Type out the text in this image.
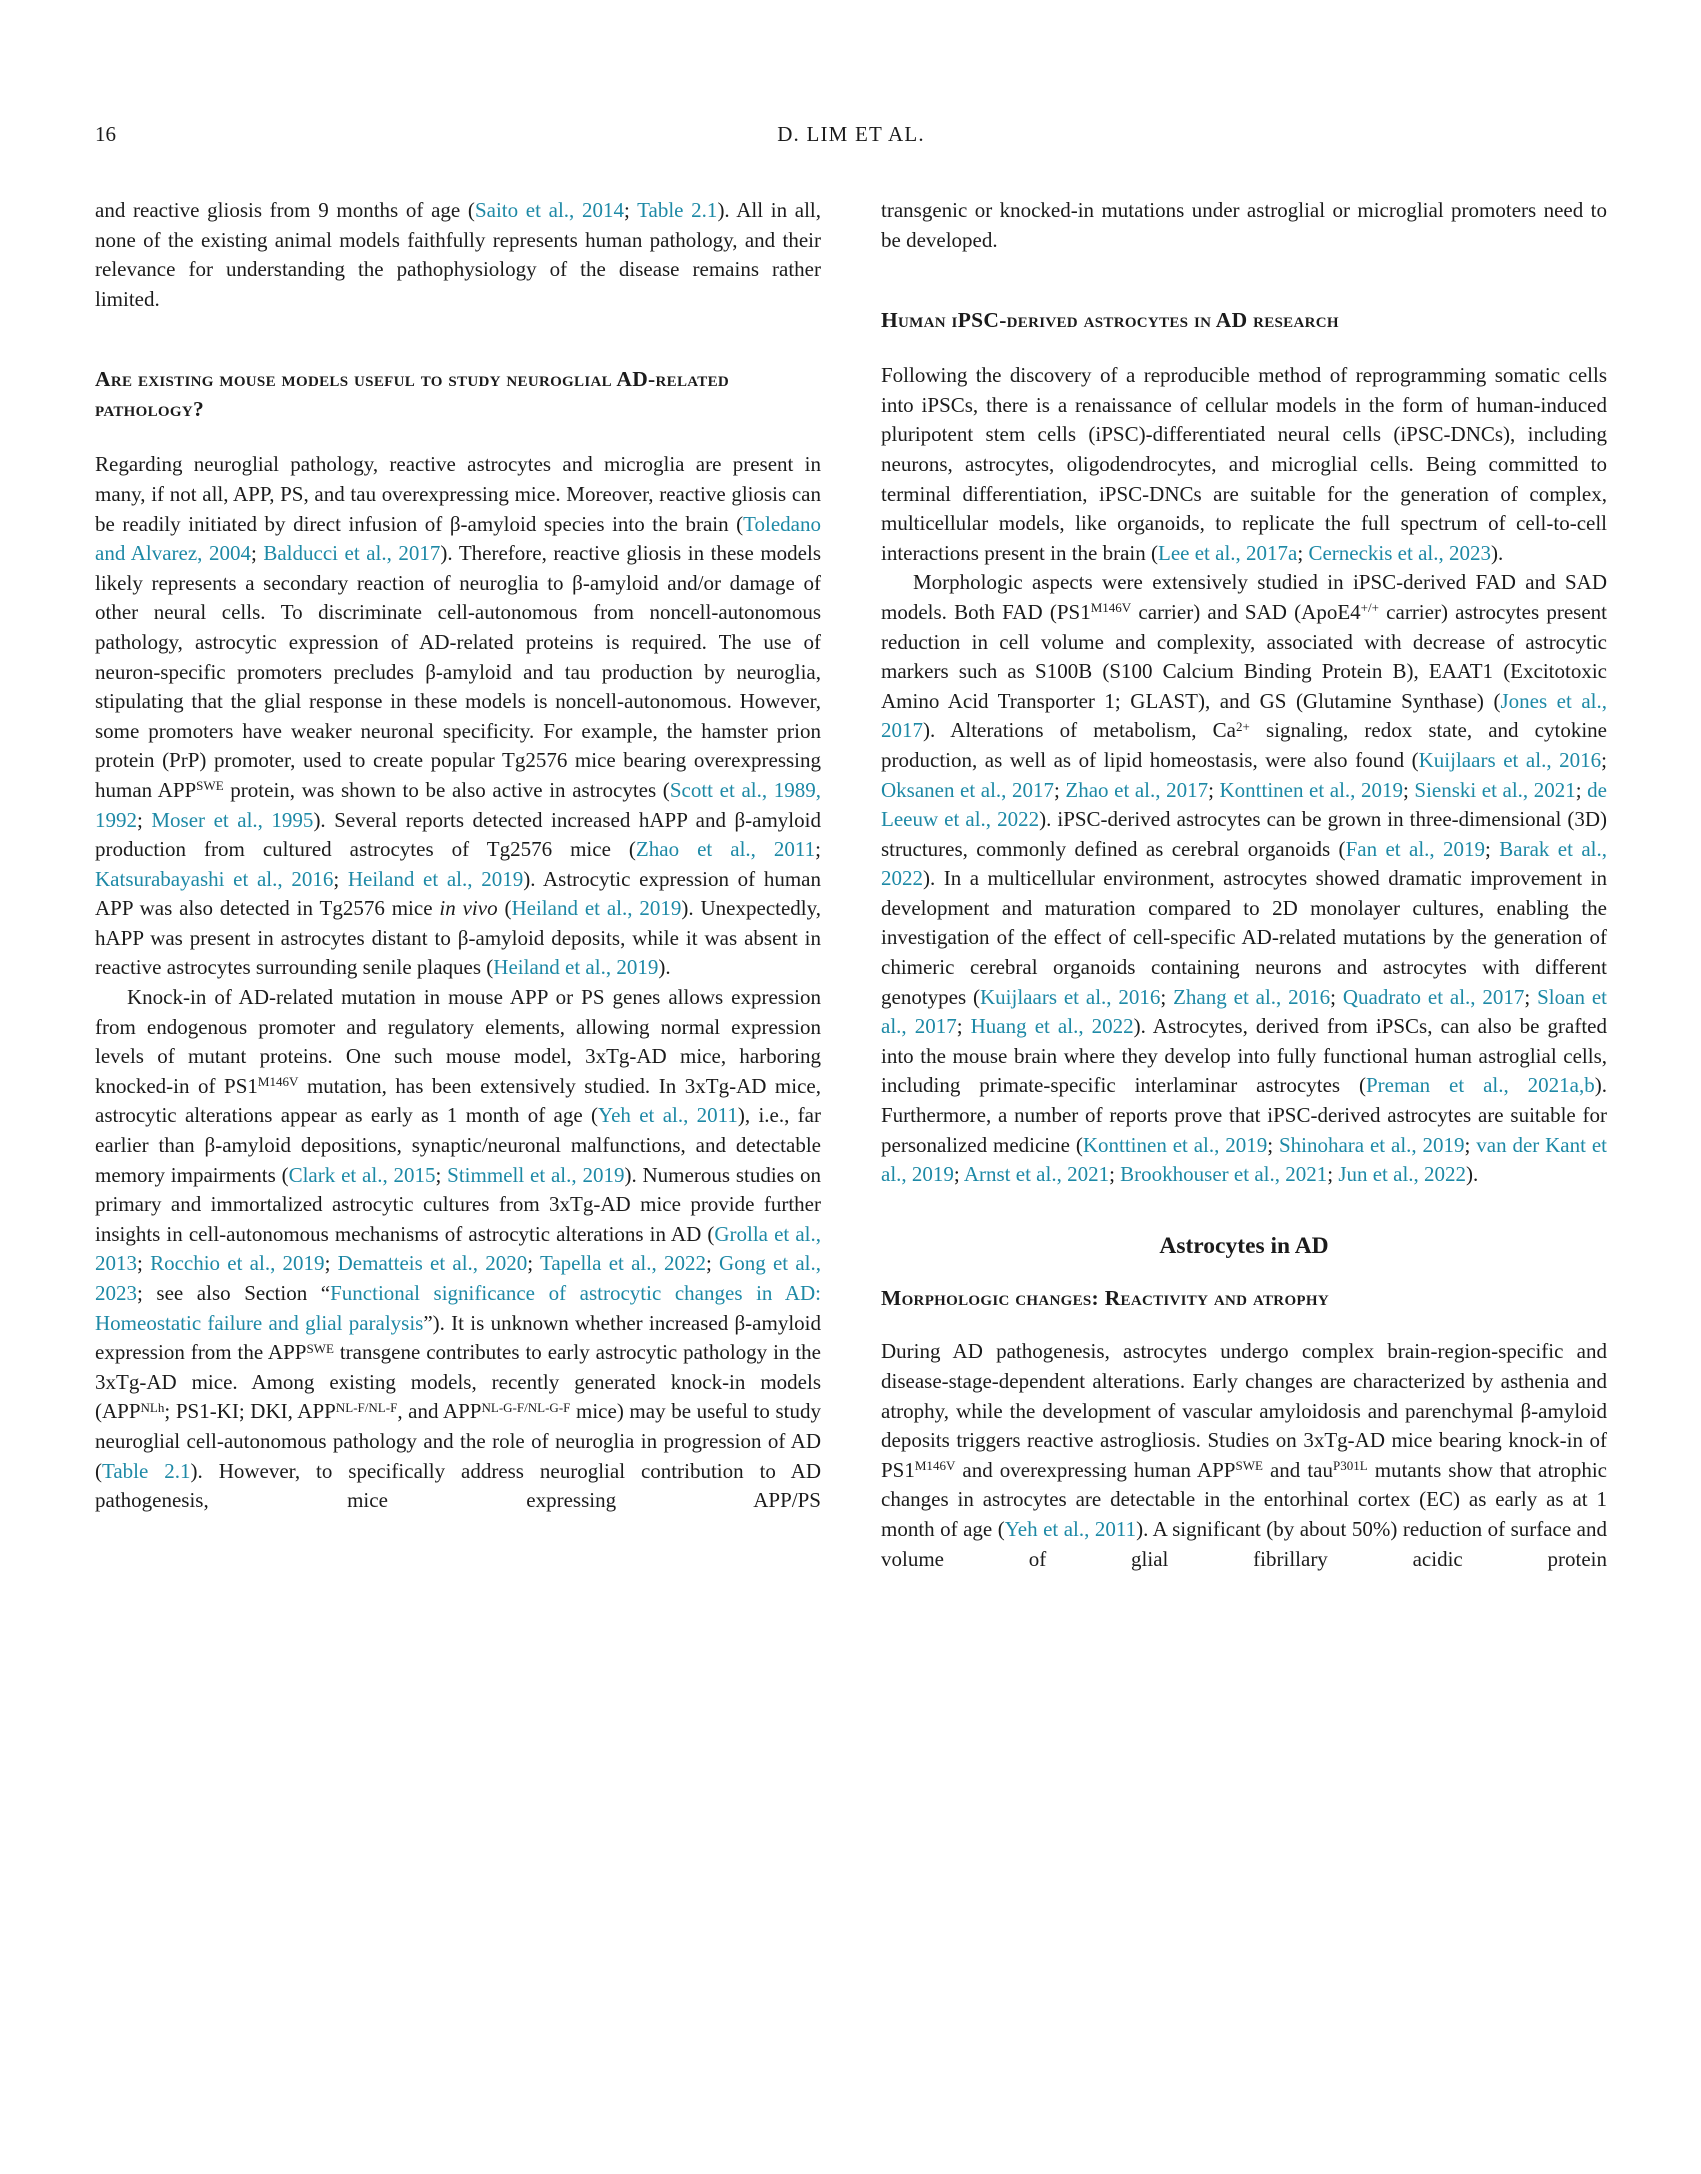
16	D. LIM ET AL.

and reactive gliosis from 9 months of age (Saito et al., 2014; Table 2.1). All in all, none of the existing animal models faithfully represents human pathology, and their relevance for understanding the pathophysiology of the disease remains rather limited.

Are existing mouse models useful to study neuroglial AD-related pathology?

Regarding neuroglial pathology, reactive astrocytes and microglia are present in many, if not all, APP, PS, and tau overexpressing mice. Moreover, reactive gliosis can be readily initiated by direct infusion of β-amyloid species into the brain (Toledano and Alvarez, 2004; Balducci et al., 2017). Therefore, reactive gliosis in these models likely represents a secondary reaction of neuroglia to β-amyloid and/or damage of other neural cells. To discriminate cell-autonomous from noncell-autonomous pathology, astrocytic expression of AD-related proteins is required. The use of neuron-specific promoters precludes β-amyloid and tau production by neuroglia, stipulating that the glial response in these models is noncell-autonomous. However, some promoters have weaker neuronal specificity. For example, the hamster prion protein (PrP) promoter, used to create popular Tg2576 mice bearing overexpressing human $APP^{SWE}$ protein, was shown to be also active in astrocytes (Scott et al., 1989, 1992; Moser et al., 1995). Several reports detected increased hAPP and β-amyloid production from cultured astrocytes of Tg2576 mice (Zhao et al., 2011; Katsurabayashi et al., 2016; Heiland et al., 2019). Astrocytic expression of human APP was also detected in Tg2576 mice in vivo (Heiland et al., 2019). Unexpectedly, hAPP was present in astrocytes distant to β-amyloid deposits, while it was absent in reactive astrocytes surrounding senile plaques (Heiland et al., 2019).

Knock-in of AD-related mutation in mouse APP or PS genes allows expression from endogenous promoter and regulatory elements, allowing normal expression levels of mutant proteins. One such mouse model, 3xTg-AD mice, harboring knocked-in of $PS1^{M146V}$ mutation, has been extensively studied. In 3xTg-AD mice, astrocytic alterations appear as early as 1 month of age (Yeh et al., 2011), i.e., far earlier than β-amyloid depositions, synaptic/neuronal malfunctions, and detectable memory impairments (Clark et al., 2015; Stimmell et al., 2019). Numerous studies on primary and immortalized astrocytic cultures from 3xTg-AD mice provide further insights in cell-autonomous mechanisms of astrocytic alterations in AD (Grolla et al., 2013; Rocchio et al., 2019; Dematteis et al., 2020; Tapella et al., 2022; Gong et al., 2023; see also Section “Functional significance of astrocytic changes in AD: Homeostatic failure and glial paralysis”). It is unknown whether increased β-amyloid expression from the $APP^{SWE}$ transgene contributes to early astrocytic pathology in the 3xTg-AD mice. Among existing models, recently generated knock-in models ($APP^{NLh}$; PS1-KI; DKI, $APP^{NL-F/NL-F}$, and $APP^{NL-G-F/NL-G-F}$ mice) may be useful to study neuroglial cell-autonomous pathology and the role of neuroglia in progression of AD (Table 2.1). However, to specifically address neuroglial contribution to AD pathogenesis, mice expressing APP/PS

transgenic or knocked-in mutations under astroglial or microglial promoters need to be developed.

Human iPSC-derived astrocytes in AD research

Following the discovery of a reproducible method of reprogramming somatic cells into iPSCs, there is a renaissance of cellular models in the form of human-induced pluripotent stem cells (iPSC)-differentiated neural cells (iPSC-DNCs), including neurons, astrocytes, oligodendrocytes, and microglial cells. Being committed to terminal differentiation, iPSC-DNCs are suitable for the generation of complex, multicellular models, like organoids, to replicate the full spectrum of cell-to-cell interactions present in the brain (Lee et al., 2017a; Cerneckis et al., 2023).

Morphologic aspects were extensively studied in iPSC-derived FAD and SAD models. Both FAD ($PS1^{M146V}$ carrier) and SAD (ApoE4+/+ carrier) astrocytes present reduction in cell volume and complexity, associated with decrease of astrocytic markers such as S100B (S100 Calcium Binding Protein B), EAAT1 (Excitotoxic Amino Acid Transporter 1; GLAST), and GS (Glutamine Synthase) (Jones et al., 2017). Alterations of metabolism, $Ca^{2+}$ signaling, redox state, and cytokine production, as well as of lipid homeostasis, were also found (Kuijlaars et al., 2016; Oksanen et al., 2017; Zhao et al., 2017; Konttinen et al., 2019; Sienski et al., 2021; de Leeuw et al., 2022). iPSC-derived astrocytes can be grown in three-dimensional (3D) structures, commonly defined as cerebral organoids (Fan et al., 2019; Barak et al., 2022). In a multicellular environment, astrocytes showed dramatic improvement in development and maturation compared to 2D monolayer cultures, enabling the investigation of the effect of cell-specific AD-related mutations by the generation of chimeric cerebral organoids containing neurons and astrocytes with different genotypes (Kuijlaars et al., 2016; Zhang et al., 2016; Quadrato et al., 2017; Sloan et al., 2017; Huang et al., 2022). Astrocytes, derived from iPSCs, can also be grafted into the mouse brain where they develop into fully functional human astroglial cells, including primate-specific interlaminar astrocytes (Preman et al., 2021a,b). Furthermore, a number of reports prove that iPSC-derived astrocytes are suitable for personalized medicine (Konttinen et al., 2019; Shinohara et al., 2019; van der Kant et al., 2019; Arnst et al., 2021; Brookhouser et al., 2021; Jun et al., 2022).

Astrocytes in AD
Morphologic changes: Reactivity and atrophy

During AD pathogenesis, astrocytes undergo complex brain-region-specific and disease-stage-dependent alterations. Early changes are characterized by asthenia and atrophy, while the development of vascular amyloidosis and parenchymal β-amyloid deposits triggers reactive astrogliosis. Studies on 3xTg-AD mice bearing knock-in of $PS1^{M146V}$ and overexpressing human $APP^{SWE}$ and tau$^{P301L}$ mutants show that atrophic changes in astrocytes are detectable in the entorhinal cortex (EC) as early as at 1 month of age (Yeh et al., 2011). A significant (by about 50%) reduction of surface and volume of glial fibrillary acidic protein
